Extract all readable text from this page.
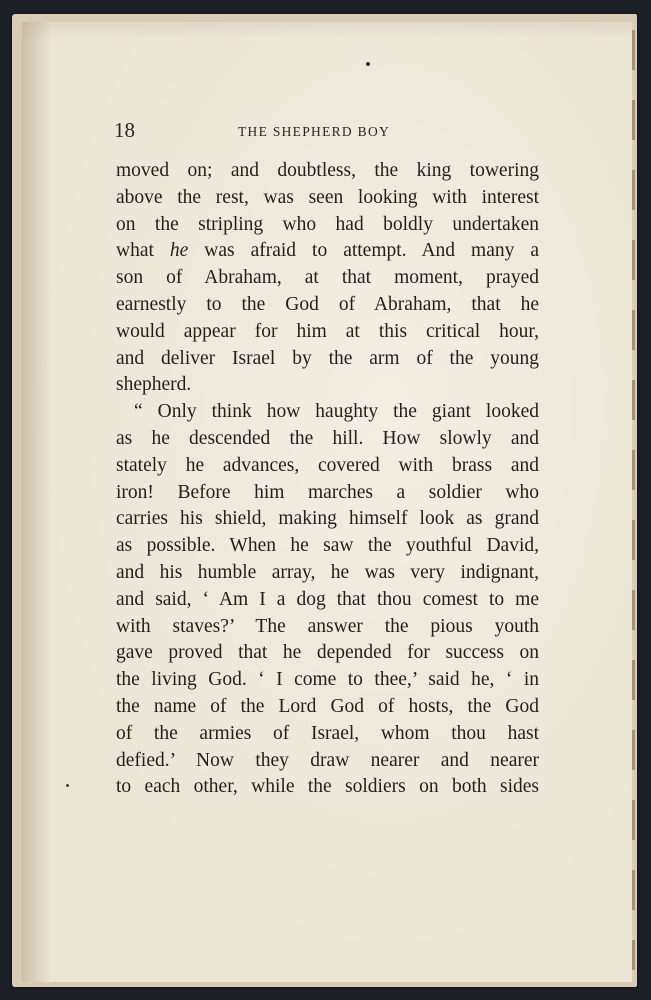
18	THE SHEPHERD BOY
moved on; and doubtless, the king towering
above the rest, was seen looking with interest
on the stripling who had boldly undertaken
what he was afraid to attempt. And many a
son of Abraham, at that moment, prayed
earnestly to the God of Abraham, that he
would appear for him at this critical hour,
and deliver Israel by the arm of the young
shepherd.
“ Only think how haughty the giant looked
as he descended the hill. How slowly and
stately he advances, covered with brass and
iron! Before him marches a soldier who
carries his shield, making himself look as grand
as possible. When he saw the youthful David,
and his humble array, he was very indignant,
and said, ‘ Am I a dog that thou comest to me
with staves?’ The answer the pious youth
gave proved that he depended for success on
the living God. ‘ I come to thee,’ said he, ‘ in
the name of the Lord God of hosts, the God
of the armies of Israel, whom thou hast
defied.’ Now they draw nearer and nearer
to each other, while the soldiers on both sides
